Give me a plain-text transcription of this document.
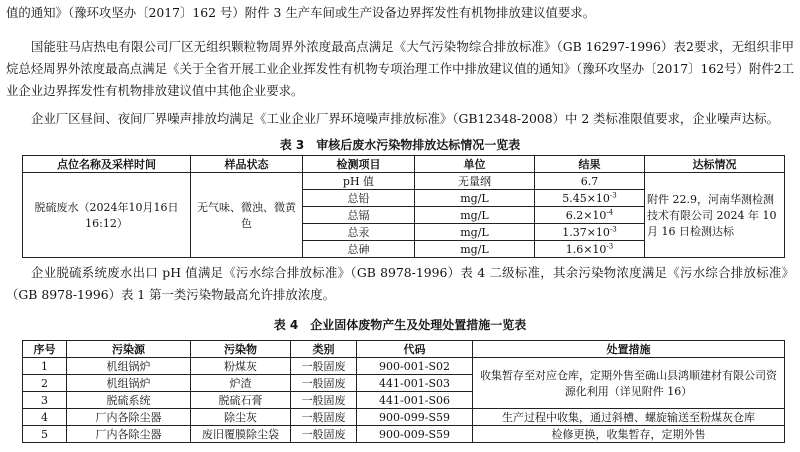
值的通知》（豫环攻坚办〔2017〕162 号）附件 3 生产车间或生产设备边界挥发性有机物排放建议值要求。

国能驻马店热电有限公司厂区无组织颗粒物周界外浓度最高点满足《大气污染物综合排放标准》（GB 16297-1996）表2要求，无组织非甲烷总烃周界外浓度最高点满足《关于全省开展工业企业挥发性有机物专项治理工作中排放建议值的通知》（豫环攻坚办〔2017〕162号）附件2工业企业边界挥发性有机物排放建议值中其他企业要求。

企业厂区昼间、夜间厂界噪声排放均满足《工业企业厂界环境噪声排放标准》（GB12348-2008）中 2 类标准限值要求，企业噪声达标。

表 3　审核后废水污染物排放达标情况一览表

点位名称及采样时间	样品状态	检测项目	单位	结果	达标情况
脱硫废水（2024年10月16日16:12）	无气味、微浊、微黄色	pH 值	无量纲	6.7	附件 22.9，河南华测检测技术有限公司 2024 年 10 月 16 日检测达标
		总铅	mg/L	$5.45\times 10^{-3}$
		总镉	mg/L	$6.2\times 10^{-4}$
		总汞	mg/L	$1.37\times 10^{-3}$
		总砷	mg/L	$1.6\times 10^{-3}$

企业脱硫系统废水出口 pH 值满足《污水综合排放标准》（GB 8978-1996）表 4 二级标准，其余污染物浓度满足《污水综合排放标准》（GB 8978-1996）表 1 第一类污染物最高允许排放浓度。

表 4　企业固体废物产生及处理处置措施一览表

序号	污染源	污染物	类别	代码	处置措施
1	机组锅炉	粉煤灰	一般固废	900-001-S02	收集暂存至对应仓库，定期外售至确山县鸿顺建材有限公司资源化利用（详见附件 16）
2	机组锅炉	炉渣	一般固废	441-001-S03	
3	脱硫系统	脱硫石膏	一般固废	441-001-S06	
4	厂内各除尘器	除尘灰	一般固废	900-099-S59	生产过程中收集，通过斜槽、螺旋输送至粉煤灰仓库
5	厂内各除尘器	废旧覆膜除尘袋	一般固废	900-009-S59	检修更换，收集暂存，定期外售
